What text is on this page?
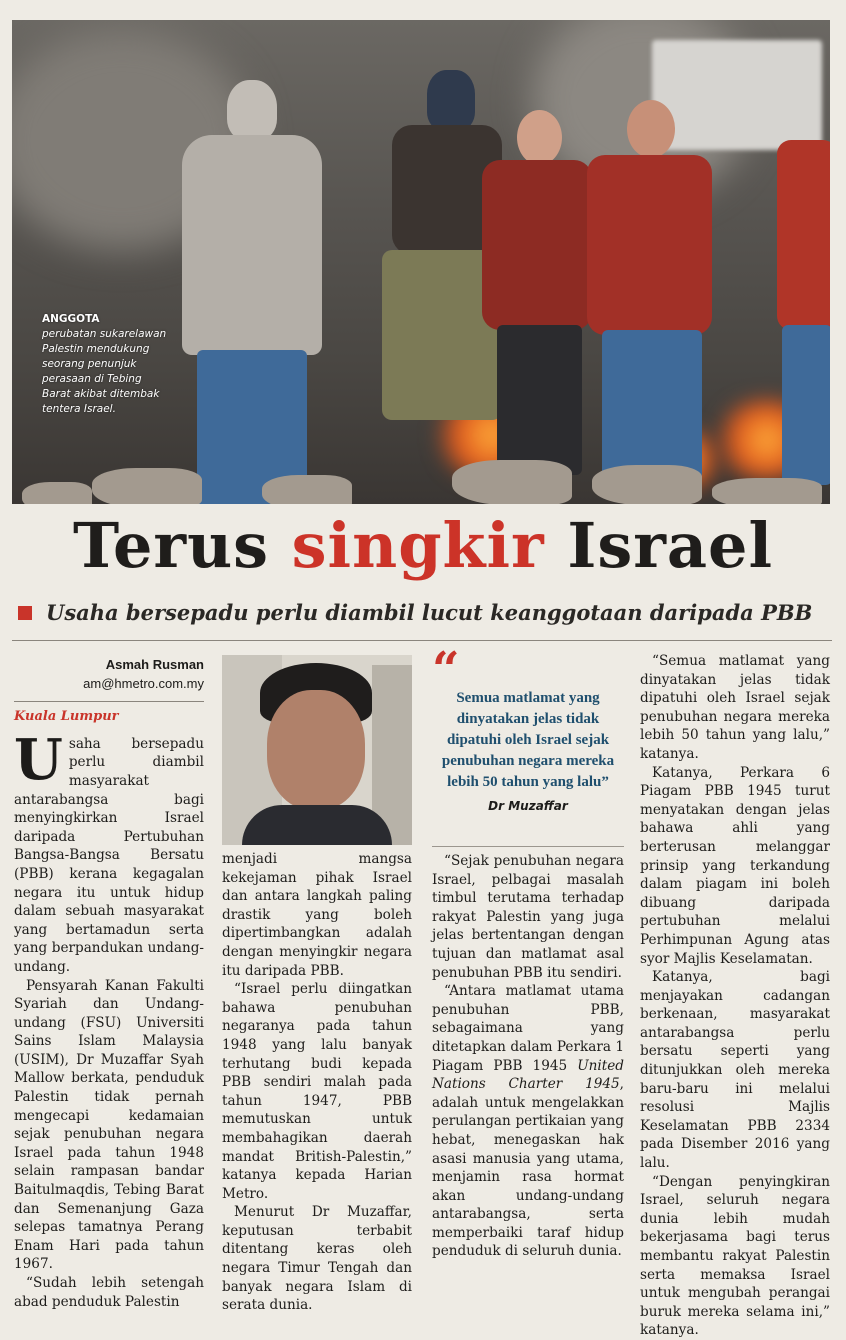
ANGGOTA
perubatan sukarelawan Palestin mendukung seorang penunjuk perasaan di Tebing Barat akibat ditembak tentera Israel.
Terus singkir Israel
Usaha bersepadu perlu diambil lucut keanggotaan daripada PBB
Asmah Rusman
am@hmetro.com.my
Kuala Lumpur

Usaha bersepadu perlu diambil masyarakat antarabangsa bagi menyingkirkan Israel daripada Pertubuhan Bangsa-Bangsa Bersatu (PBB) kerana kegagalan negara itu untuk hidup dalam sebuah masyarakat yang bertamadun serta yang berpandukan undang-undang.

Pensyarah Kanan Fakulti Syariah dan Undang-undang (FSU) Universiti Sains Islam Malaysia (USIM), Dr Muzaffar Syah Mallow berkata, penduduk Palestin tidak pernah mengecapi kedamaian sejak penubuhan negara Israel pada tahun 1948 selain rampasan bandar Baitulmaqdis, Tebing Barat dan Semenanjung Gaza selepas tamatnya Perang Enam Hari pada tahun 1967.

“Sudah lebih setengah abad penduduk Palestin

menjadi mangsa kekejaman pihak Israel dan antara langkah paling drastik yang boleh dipertimbangkan adalah dengan menyingkir negara itu daripada PBB.

“Israel perlu diingatkan bahawa penubuhan negaranya pada tahun 1948 yang lalu banyak terhutang budi kepada PBB sendiri malah pada tahun 1947, PBB memutuskan untuk membahagikan daerah mandat British-Palestin,” katanya kepada Harian Metro.

Menurut Dr Muzaffar, keputusan terbabit ditentang keras oleh negara Timur Tengah dan banyak negara Islam di serata dunia.

“
Semua matlamat yang dinyatakan jelas tidak dipatuhi oleh Israel sejak penubuhan negara mereka lebih 50 tahun yang lalu”
Dr Muzaffar

“Sejak penubuhan negara Israel, pelbagai masalah timbul terutama terhadap rakyat Palestin yang juga jelas bertentangan dengan tujuan dan matlamat asal penubuhan PBB itu sendiri.

“Antara matlamat utama penubuhan PBB, sebagaimana yang ditetapkan dalam Perkara 1 Piagam PBB 1945 United Nations Charter 1945, adalah untuk mengelakkan perulangan pertikaian yang hebat, menegaskan hak asasi manusia yang utama, menjamin rasa hormat akan undang-undang antarabangsa, serta memperbaiki taraf hidup penduduk di seluruh dunia.

“Semua matlamat yang dinyatakan jelas tidak dipatuhi oleh Israel sejak penubuhan negara mereka lebih 50 tahun yang lalu,” katanya.

Katanya, Perkara 6 Piagam PBB 1945 turut menyatakan dengan jelas bahawa ahli yang berterusan melanggar prinsip yang terkandung dalam piagam ini boleh dibuang daripada pertubuhan melalui Perhimpunan Agung atas syor Majlis Keselamatan.

Katanya, bagi menjayakan cadangan berkenaan, masyarakat antarabangsa perlu bersatu seperti yang ditunjukkan oleh mereka baru-baru ini melalui resolusi Majlis Keselamatan PBB 2334 pada Disember 2016 yang lalu.

“Dengan penyingkiran Israel, seluruh negara dunia lebih mudah bekerjasama bagi terus membantu rakyat Palestin serta memaksa Israel untuk mengubah perangai buruk mereka selama ini,” katanya.
